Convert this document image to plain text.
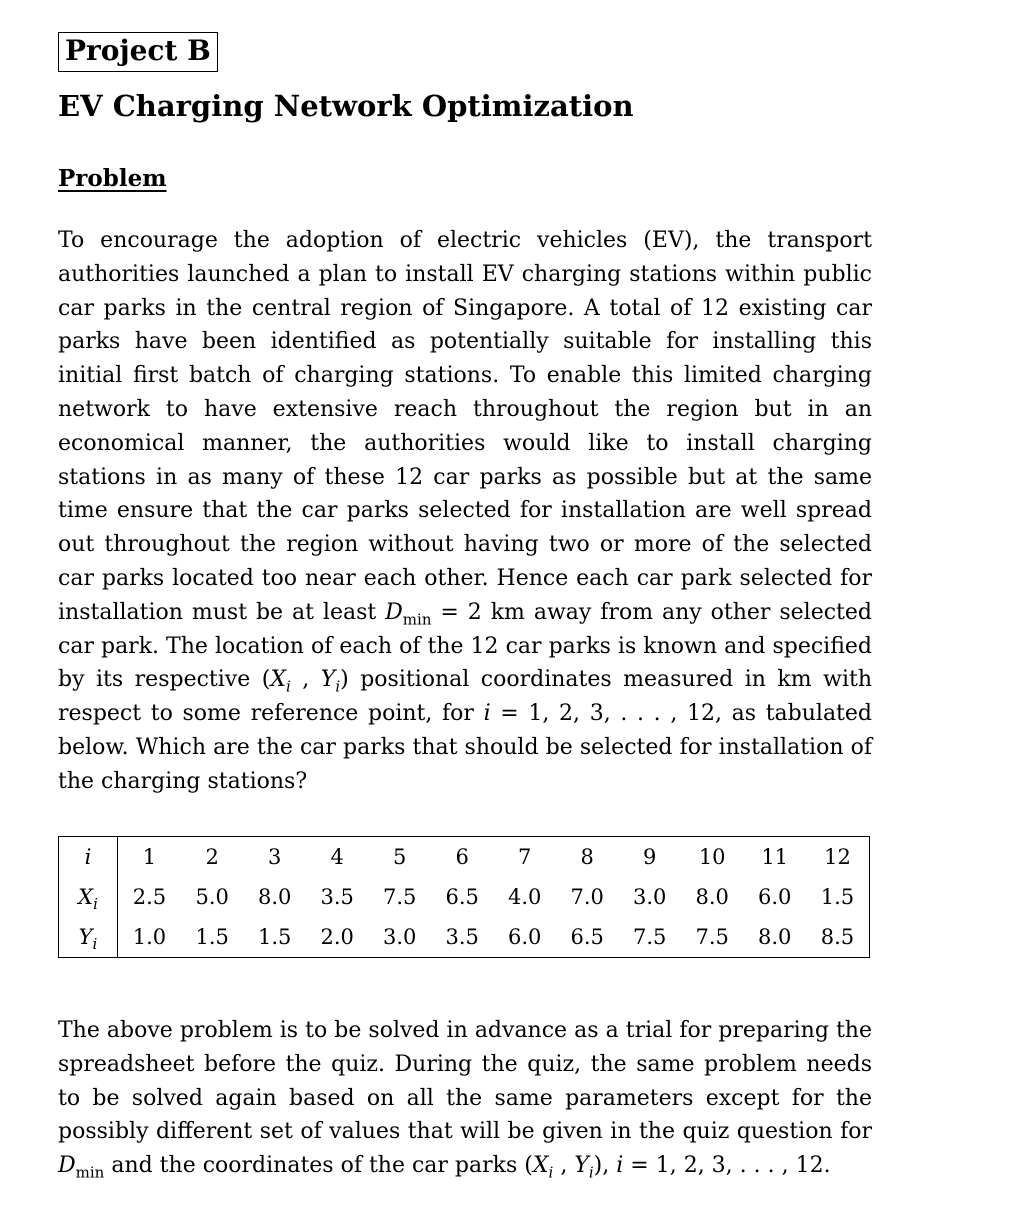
Project B
EV Charging Network Optimization
Problem

To encourage the adoption of electric vehicles (EV), the transport authorities launched a plan to install EV charging stations within public car parks in the central region of Singapore. A total of 12 existing car parks have been identified as potentially suitable for installing this initial first batch of charging stations. To enable this limited charging network to have extensive reach throughout the region but in an economical manner, the authorities would like to install charging stations in as many of these 12 car parks as possible but at the same time ensure that the car parks selected for installation are well spread out throughout the region without having two or more of the selected car parks located too near each other. Hence each car park selected for installation must be at least $D_{min} = 2$ km away from any other selected car park. The location of each of the 12 car parks is known and specified by its respective ($X_i$ , $Y_i$) positional coordinates measured in km with respect to some reference point, for i = 1, 2, 3, . . . , 12, as tabulated below. Which are the car parks that should be selected for installation of the charging stations?

i	1	2	3	4	5	6	7	8	9	10	11	12
$X_i$	2.5	5.0	8.0	3.5	7.5	6.5	4.0	7.0	3.0	8.0	6.0	1.5
$Y_i$	1.0	1.5	1.5	2.0	3.0	3.5	6.0	6.5	7.5	7.5	8.0	8.5

The above problem is to be solved in advance as a trial for preparing the spreadsheet before the quiz. During the quiz, the same problem needs to be solved again based on all the same parameters except for the possibly different set of values that will be given in the quiz question for $D_{min}$ and the coordinates of the car parks ($X_i$ , $Y_i$), i = 1, 2, 3, . . . , 12.
